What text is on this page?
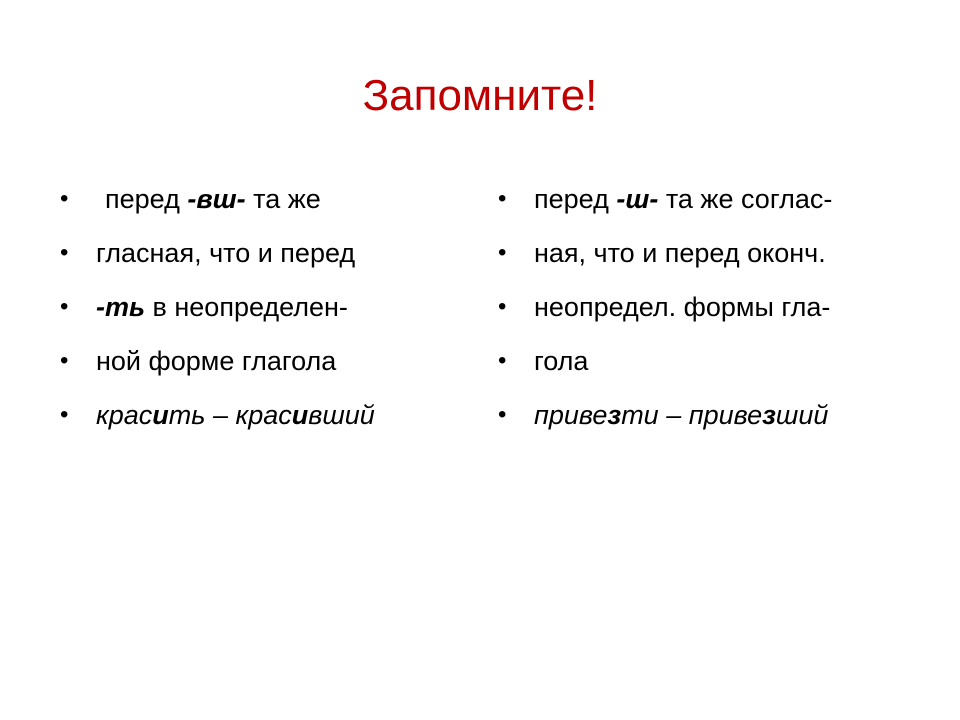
Запомните!
• перед -вш- та же
• гласная, что и перед
• -ть в неопределен-
• ной форме глагола
• красить – красивший
• перед -ш- та же соглас-
• ная, что и перед оконч.
• неопредел. формы гла-
• гола
• привезти – привезший
